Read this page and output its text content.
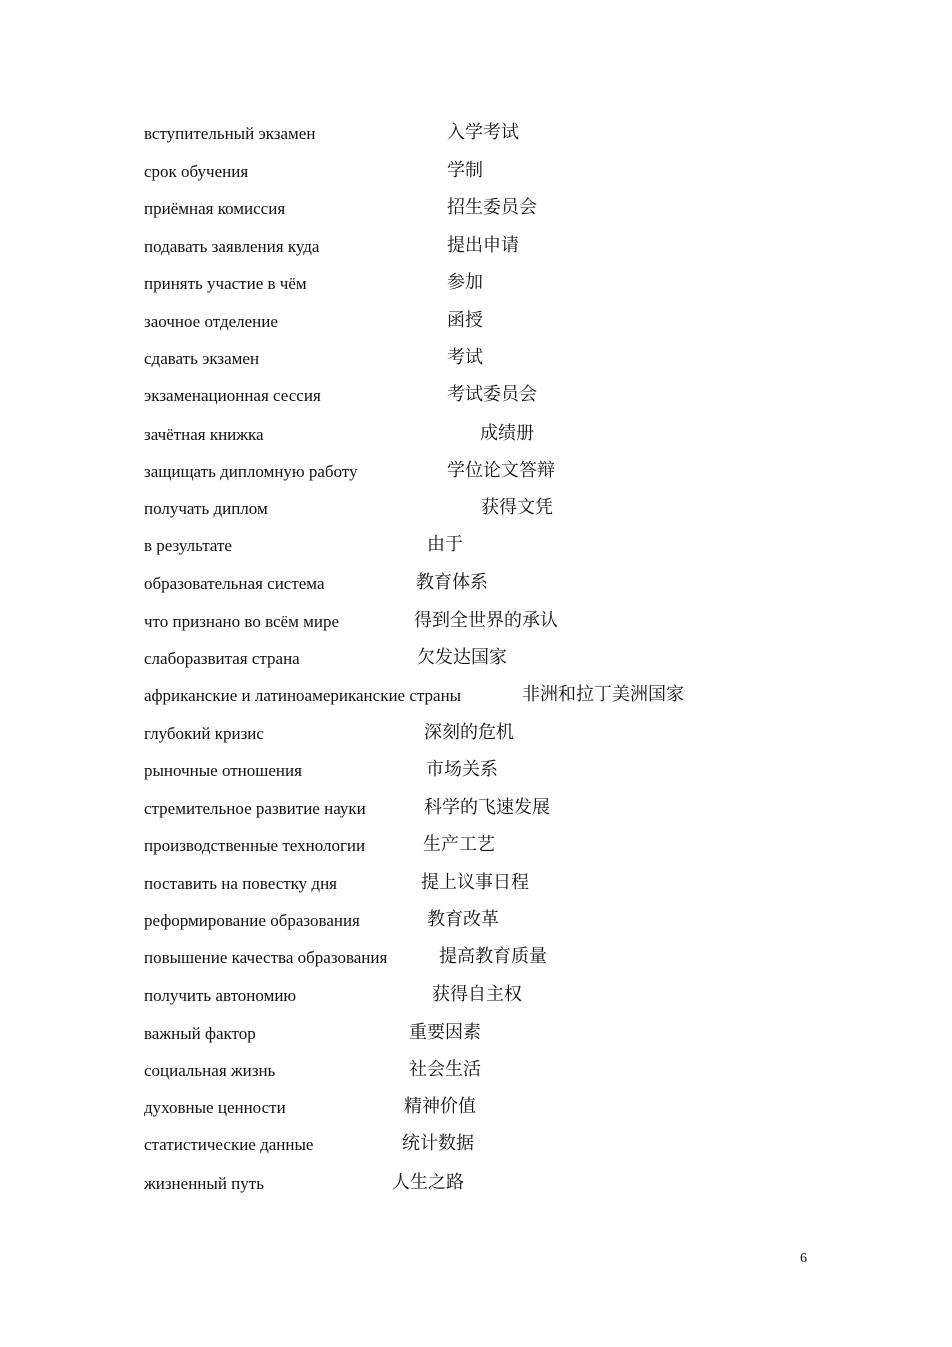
вступительный экзамен	入学考试
срок обучения	学制
приёмная комиссия	招生委员会
подавать заявления куда	提出申请
принять участие в чём	参加
заочное отделение	函授
сдавать экзамен	考试
экзаменационная сессия	考试委员会
зачётная книжка	成绩册
защищать дипломную работу	学位论文答辩
получать диплом	获得文凭
в результате	由于
образовательная система	教育体系
что признано во всём мире	得到全世界的承认
слаборазвитая страна	欠发达国家
африканские и латиноамериканские страны	非洲和拉丁美洲国家
глубокий кризис	深刻的危机
рыночные отношения	市场关系
стремительное развитие науки	科学的飞速发展
производственные технологии	生产工艺
поставить на повестку дня	提上议事日程
реформирование образования	教育改革
повышение качества образования	提高教育质量
получить автономию	获得自主权
важный фактор	重要因素
социальная жизнь	社会生活
духовные ценности	精神价值
статистические данные	统计数据
жизненный путь	人生之路
6
